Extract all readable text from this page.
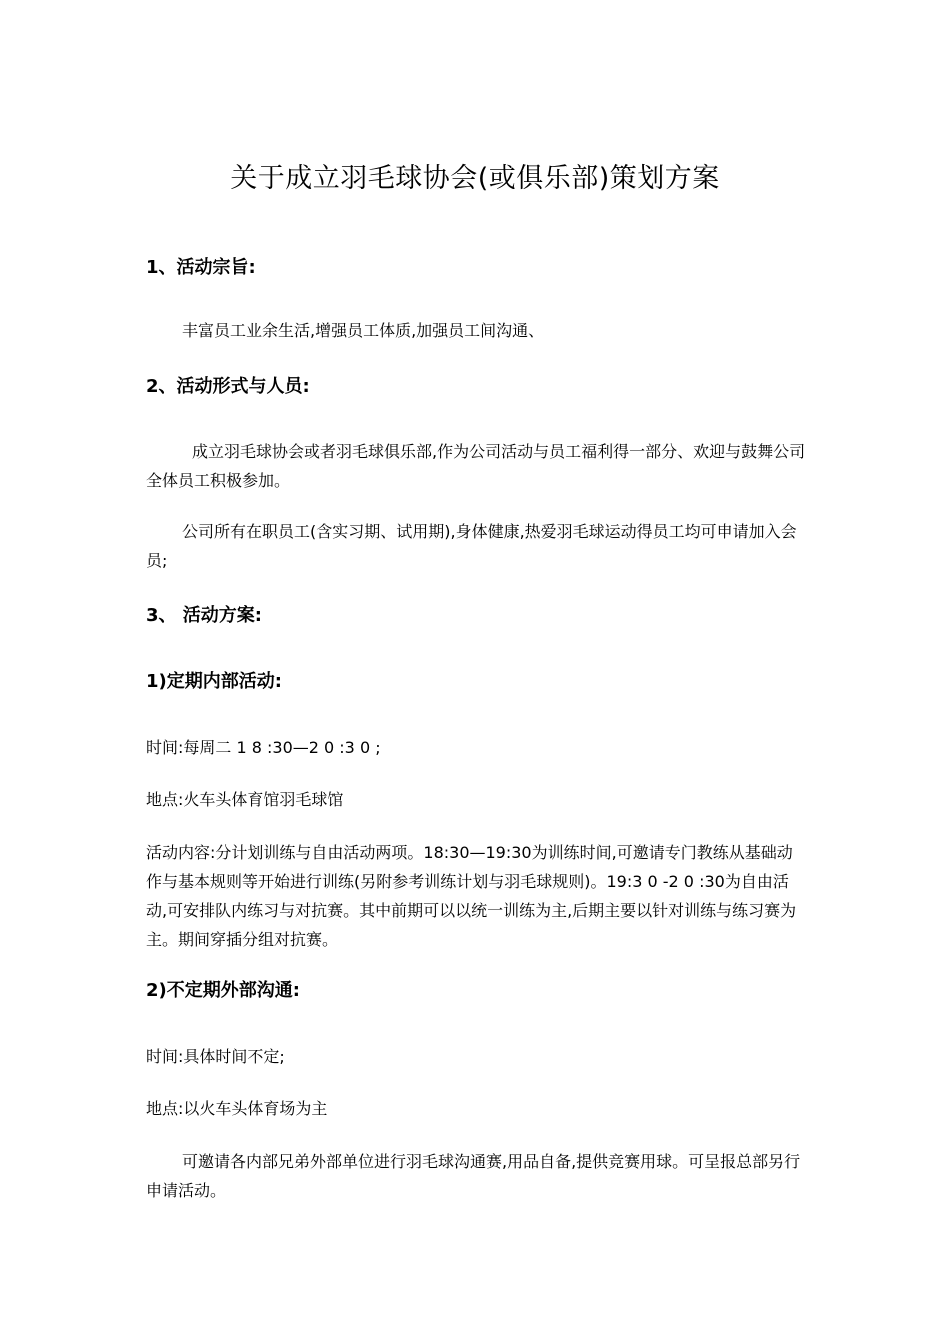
关于成立羽毛球协会(或俱乐部)策划方案
1、活动宗旨:

丰富员工业余生活,增强员工体质,加强员工间沟通、

2、活动形式与人员:

成立羽毛球协会或者羽毛球俱乐部,作为公司活动与员工福利得一部分、欢迎与鼓舞公司全体员工积极参加。

公司所有在职员工(含实习期、试用期),身体健康,热爱羽毛球运动得员工均可申请加入会员;

3、 活动方案:
1)定期内部活动:

时间:每周二 1 8 :30—2 0 :3 0 ;

地点:火车头体育馆羽毛球馆

活动内容:分计划训练与自由活动两项。18:30—19:30为训练时间,可邀请专门教练从基础动作与基本规则等开始进行训练(另附参考训练计划与羽毛球规则)。19:3 0 -2 0 :30为自由活动,可安排队内练习与对抗赛。其中前期可以以统一训练为主,后期主要以针对训练与练习赛为主。期间穿插分组对抗赛。

2)不定期外部沟通:

时间:具体时间不定;

地点:以火车头体育场为主

可邀请各内部兄弟外部单位进行羽毛球沟通赛,用品自备,提供竞赛用球。可呈报总部另行申请活动。
